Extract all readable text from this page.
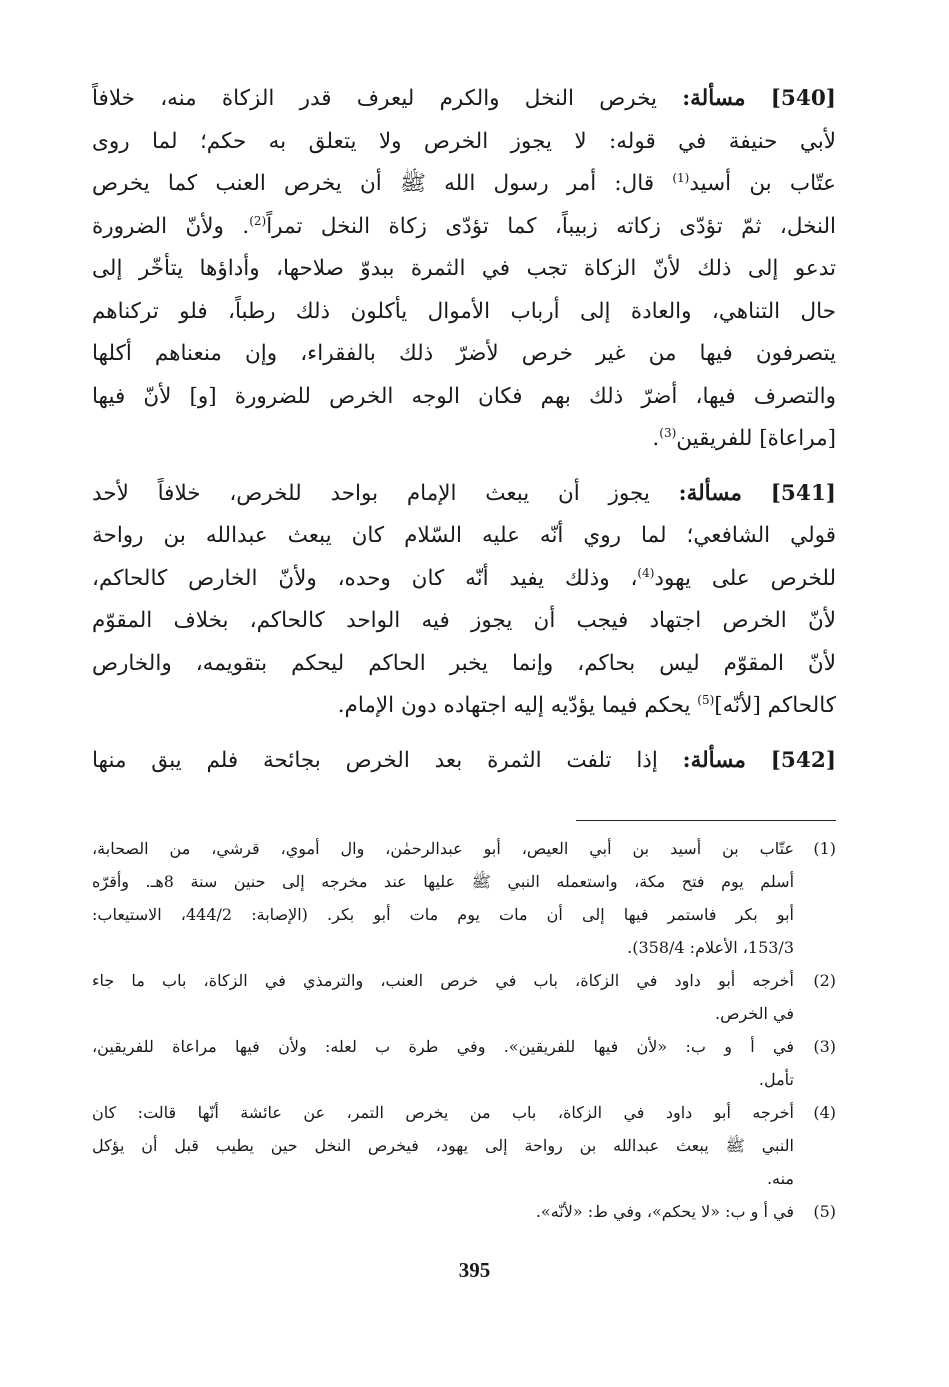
[540] مسألة: يخرص النخل والكرم ليعرف قدر الزكاة منه، خلافاً
لأبي حنيفة في قوله: لا يجوز الخرص ولا يتعلق به حكم؛ لما روى
عتّاب بن أسيد$^{(1)}$ قال: أمر رسول الله ﷺ أن يخرص العنب كما يخرص
النخل، ثمّ تؤدّى زكاته زبيباً، كما تؤدّى زكاة النخل تمراً$^{(2)}$. ولأنّ الضرورة
تدعو إلى ذلك لأنّ الزكاة تجب في الثمرة ببدوّ صلاحها، وأداؤها يتأخّر إلى
حال التناهي، والعادة إلى أرباب الأموال يأكلون ذلك رطباً، فلو تركناهم
يتصرفون فيها من غير خرص لأضرّ ذلك بالفقراء، وإن منعناهم أكلها
والتصرف فيها، أضرّ ذلك بهم فكان الوجه الخرص للضرورة [و] لأنّ فيها
[مراعاة] للفريقين$^{(3)}$.
[541] مسألة: يجوز أن يبعث الإمام بواحد للخرص، خلافاً لأحد
قولي الشافعي؛ لما روي أنّه عليه السّلام كان يبعث عبدالله بن رواحة
للخرص على يهود$^{(4)}$، وذلك يفيد أنّه كان وحده، ولأنّ الخارص كالحاكم،
لأنّ الخرص اجتهاد فيجب أن يجوز فيه الواحد كالحاكم، بخلاف المقوّم
لأنّ المقوّم ليس بحاكم، وإنما يخبر الحاكم ليحكم بتقويمه، والخارص
كالحاكم [لأنّه]$^{(5)}$ يحكم فيما يؤدّيه إليه اجتهاده دون الإمام.
[542] مسألة: إذا تلفت الثمرة بعد الخرص بجائحة فلم يبق منها
(1)
عتّاب بن أسيد بن أبي العيص، أبو عبدالرحمٰن، وال أموي، قرشي، من الصحابة،
أسلم يوم فتح مكة، واستعمله النبي ﷺ عليها عند مخرجه إلى حنين سنة 8هـ. وأقرّه
أبو بكر فاستمر فيها إلى أن مات يوم مات أبو بكر. (الإصابة: 444/2، الاستيعاب:
153/3، الأعلام: 358/4).
(2)
أخرجه أبو داود في الزكاة، باب في خرص العنب، والترمذي في الزكاة، باب ما جاء
في الخرص.
(3)
في أ و ب: «لأن فيها للفريقين». وفي طرة ب لعله: ولأن فيها مراعاة للفريقين،
تأمل.
(4)
أخرجه أبو داود في الزكاة، باب من يخرص التمر، عن عائشة أنّها قالت: كان
النبي ﷺ يبعث عبدالله بن رواحة إلى يهود، فيخرص النخل حين يطيب قبل أن يؤكل
منه.
(5)
في أ و ب: «لا يحكم»، وفي ط: «لأنّه».
395
